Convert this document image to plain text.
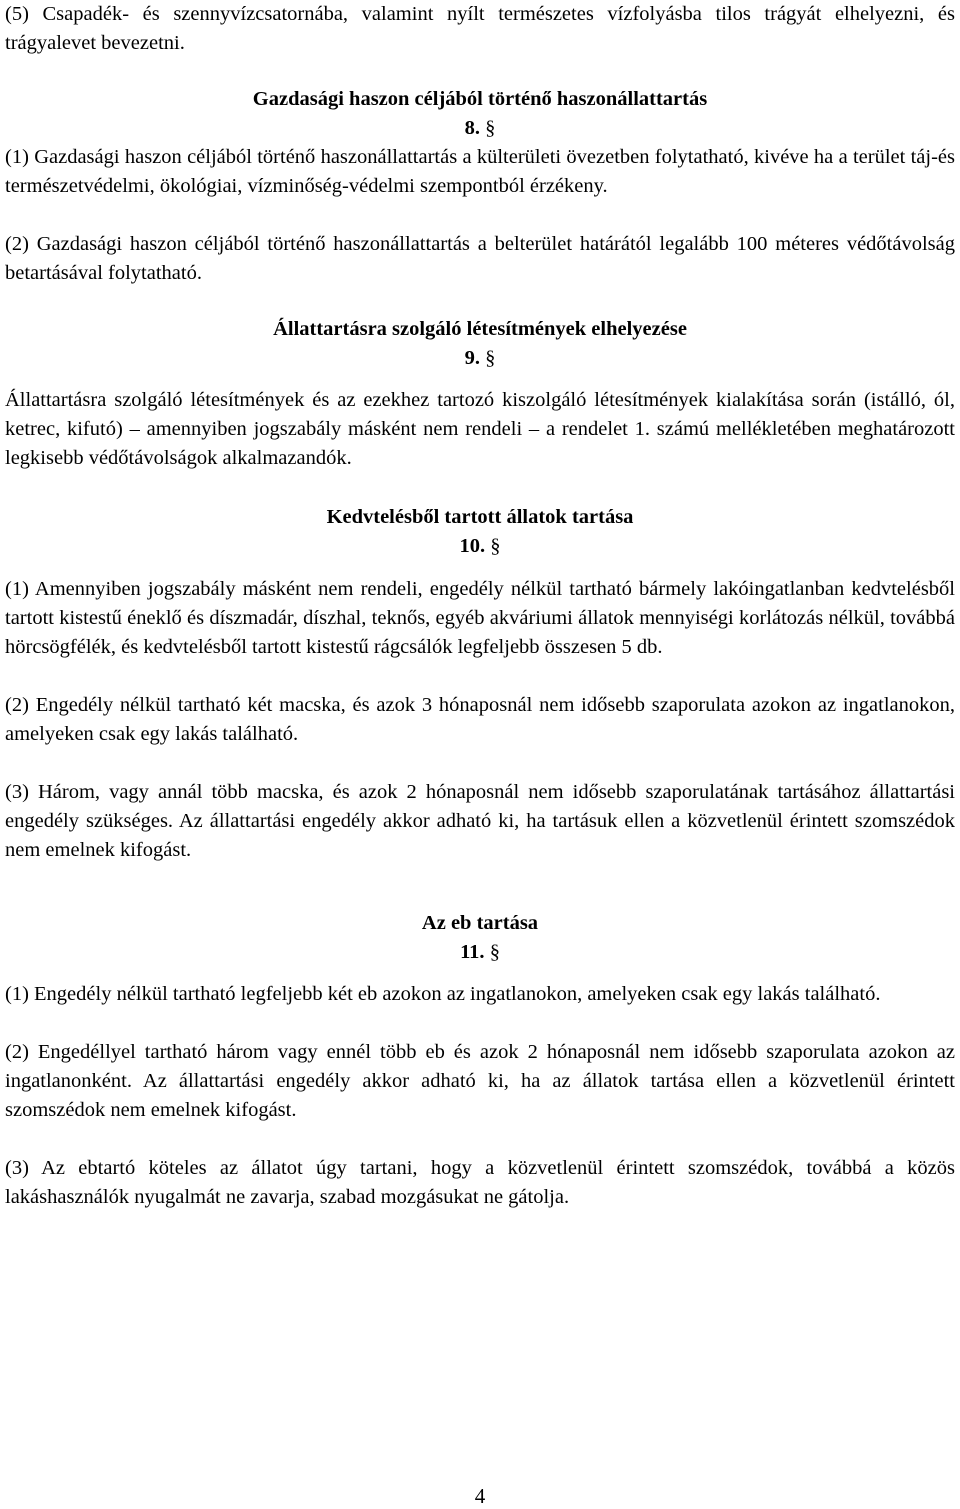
(5) Csapadék- és szennyvízcsatornába, valamint nyílt természetes vízfolyásba tilos trágyát elhelyezni, és trágyalevet bevezetni.

Gazdasági haszon céljából történő haszonállattartás
8. §

(1) Gazdasági haszon céljából történő haszonállattartás a külterületi övezetben folytatható, kivéve ha a terület táj-és természetvédelmi, ökológiai, vízminőség-védelmi szempontból érzékeny.

(2) Gazdasági haszon céljából történő haszonállattartás a belterület határától legalább 100 méteres védőtávolság betartásával folytatható.

Állattartásra szolgáló létesítmények elhelyezése
9. §

Állattartásra szolgáló létesítmények és az ezekhez tartozó kiszolgáló létesítmények kialakítása során (istálló, ól, ketrec, kifutó) – amennyiben jogszabály másként nem rendeli – a rendelet 1. számú mellékletében meghatározott legkisebb védőtávolságok alkalmazandók.

Kedvtelésből tartott állatok tartása
10. §

(1) Amennyiben jogszabály másként nem rendeli, engedély nélkül tartható bármely lakóingatlanban kedvtelésből tartott kistestű éneklő és díszmadár, díszhal, teknős, egyéb akváriumi állatok mennyiségi korlátozás nélkül, továbbá hörcsögfélék, és kedvtelésből tartott kistestű rágcsálók legfeljebb összesen 5 db.

(2) Engedély nélkül tartható két macska, és azok 3 hónaposnál nem idősebb szaporulata azokon az ingatlanokon, amelyeken csak egy lakás található.

(3) Három, vagy annál több macska, és azok 2 hónaposnál nem idősebb szaporulatának tartásához állattartási engedély szükséges. Az állattartási engedély akkor adható ki, ha tartásuk ellen a közvetlenül érintett szomszédok nem emelnek kifogást.

Az eb tartása
11. §

(1) Engedély nélkül tartható legfeljebb két eb azokon az ingatlanokon, amelyeken csak egy lakás található.

(2) Engedéllyel tartható három vagy ennél több eb és azok 2 hónaposnál nem idősebb szaporulata azokon az ingatlanonként. Az állattartási engedély akkor adható ki, ha az állatok tartása ellen a közvetlenül érintett szomszédok nem emelnek kifogást.

(3) Az ebtartó köteles az állatot úgy tartani, hogy a közvetlenül érintett szomszédok, továbbá a közös lakáshasználók nyugalmát ne zavarja, szabad mozgásukat ne gátolja.

4
